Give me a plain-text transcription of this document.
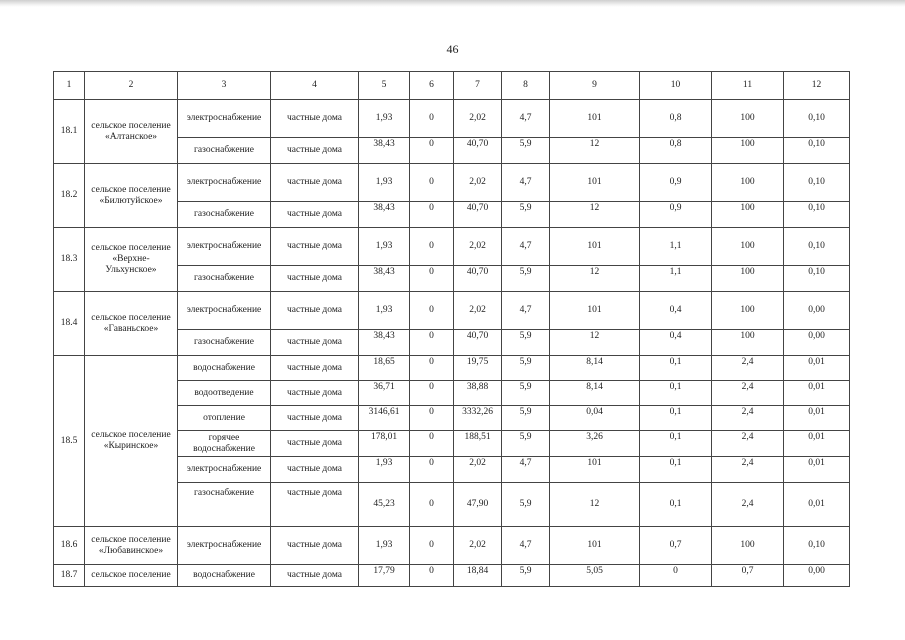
46
1	2	3	4	5	6	7	8	9	10	11	12
18.1	сельское поселение «Алтанское»	электроснабжение	частные дома	1,93	0	2,02	4,7	101	0,8	100	0,10
		газоснабжение	частные дома	38,43	0	40,70	5,9	12	0,8	100	0,10
18.2	сельское поселение «Билютуйское»	электроснабжение	частные дома	1,93	0	2,02	4,7	101	0,9	100	0,10
		газоснабжение	частные дома	38,43	0	40,70	5,9	12	0,9	100	0,10
18.3	сельское поселение «Верхне-Ульхунское»	электроснабжение	частные дома	1,93	0	2,02	4,7	101	1,1	100	0,10
		газоснабжение	частные дома	38,43	0	40,70	5,9	12	1,1	100	0,10
18.4	сельское поселение «Гаваньское»	электроснабжение	частные дома	1,93	0	2,02	4,7	101	0,4	100	0,00
		газоснабжение	частные дома	38,43	0	40,70	5,9	12	0,4	100	0,00
18.5	сельское поселение «Кыринское»	водоснабжение	частные дома	18,65	0	19,75	5,9	8,14	0,1	2,4	0,01
		водоотведение	частные дома	36,71	0	38,88	5,9	8,14	0,1	2,4	0,01
		отопление	частные дома	3146,61	0	3332,26	5,9	0,04	0,1	2,4	0,01
		горячее водоснабжение	частные дома	178,01	0	188,51	5,9	3,26	0,1	2,4	0,01
		электроснабжение	частные дома	1,93	0	2,02	4,7	101	0,1	2,4	0,01
		газоснабжение	частные дома	45,23	0	47,90	5,9	12	0,1	2,4	0,01
18.6	сельское поселение «Любавинское»	электроснабжение	частные дома	1,93	0	2,02	4,7	101	0,7	100	0,10
18.7	сельское поселение	водоснабжение	частные дома	17,79	0	18,84	5,9	5,05	0	0,7	0,00
